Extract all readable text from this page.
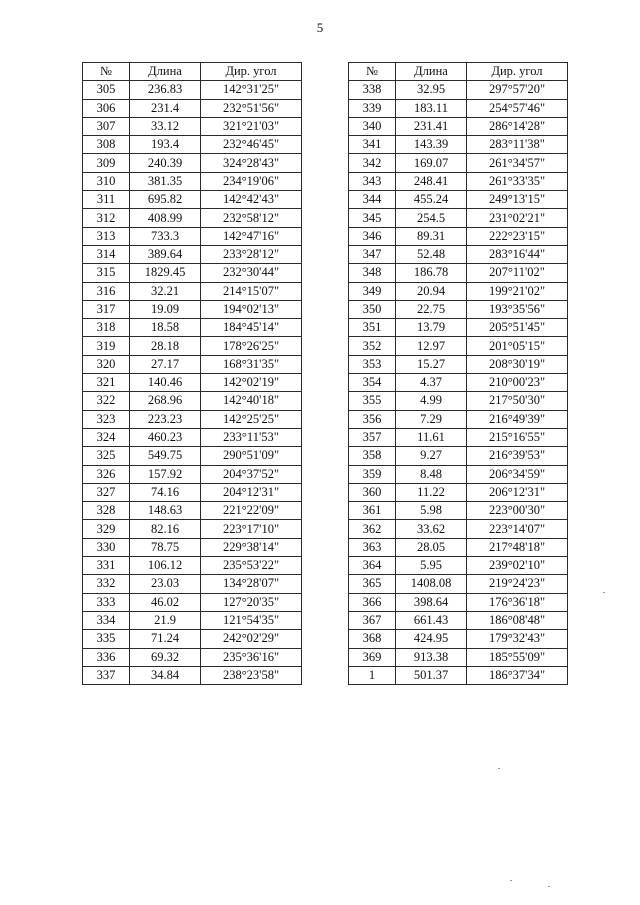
5
№	Длина	Дир. угол
305	236.83	142°31'25"
306	231.4	232°51'56"
307	33.12	321°21'03"
308	193.4	232°46'45"
309	240.39	324°28'43"
310	381.35	234°19'06"
311	695.82	142°42'43"
312	408.99	232°58'12"
313	733.3	142°47'16"
314	389.64	233°28'12"
315	1829.45	232°30'44"
316	32.21	214°15'07"
317	19.09	194°02'13"
318	18.58	184°45'14"
319	28.18	178°26'25"
320	27.17	168°31'35"
321	140.46	142°02'19"
322	268.96	142°40'18"
323	223.23	142°25'25"
324	460.23	233°11'53"
325	549.75	290°51'09"
326	157.92	204°37'52"
327	74.16	204°12'31"
328	148.63	221°22'09"
329	82.16	223°17'10"
330	78.75	229°38'14"
331	106.12	235°53'22"
332	23.03	134°28'07"
333	46.02	127°20'35"
334	21.9	121°54'35"
335	71.24	242°02'29"
336	69.32	235°36'16"
337	34.84	238°23'58"
№	Длина	Дир. угол
338	32.95	297°57'20"
339	183.11	254°57'46"
340	231.41	286°14'28"
341	143.39	283°11'38"
342	169.07	261°34'57"
343	248.41	261°33'35"
344	455.24	249°13'15"
345	254.5	231°02'21"
346	89.31	222°23'15"
347	52.48	283°16'44"
348	186.78	207°11'02"
349	20.94	199°21'02"
350	22.75	193°35'56"
351	13.79	205°51'45"
352	12.97	201°05'15"
353	15.27	208°30'19"
354	4.37	210°00'23"
355	4.99	217°50'30"
356	7.29	216°49'39"
357	11.61	215°16'55"
358	9.27	216°39'53"
359	8.48	206°34'59"
360	11.22	206°12'31"
361	5.98	223°00'30"
362	33.62	223°14'07"
363	28.05	217°48'18"
364	5.95	239°02'10"
365	1408.08	219°24'23"
366	398.64	176°36'18"
367	661.43	186°08'48"
368	424.95	179°32'43"
369	913.38	185°55'09"
1	501.37	186°37'34"
